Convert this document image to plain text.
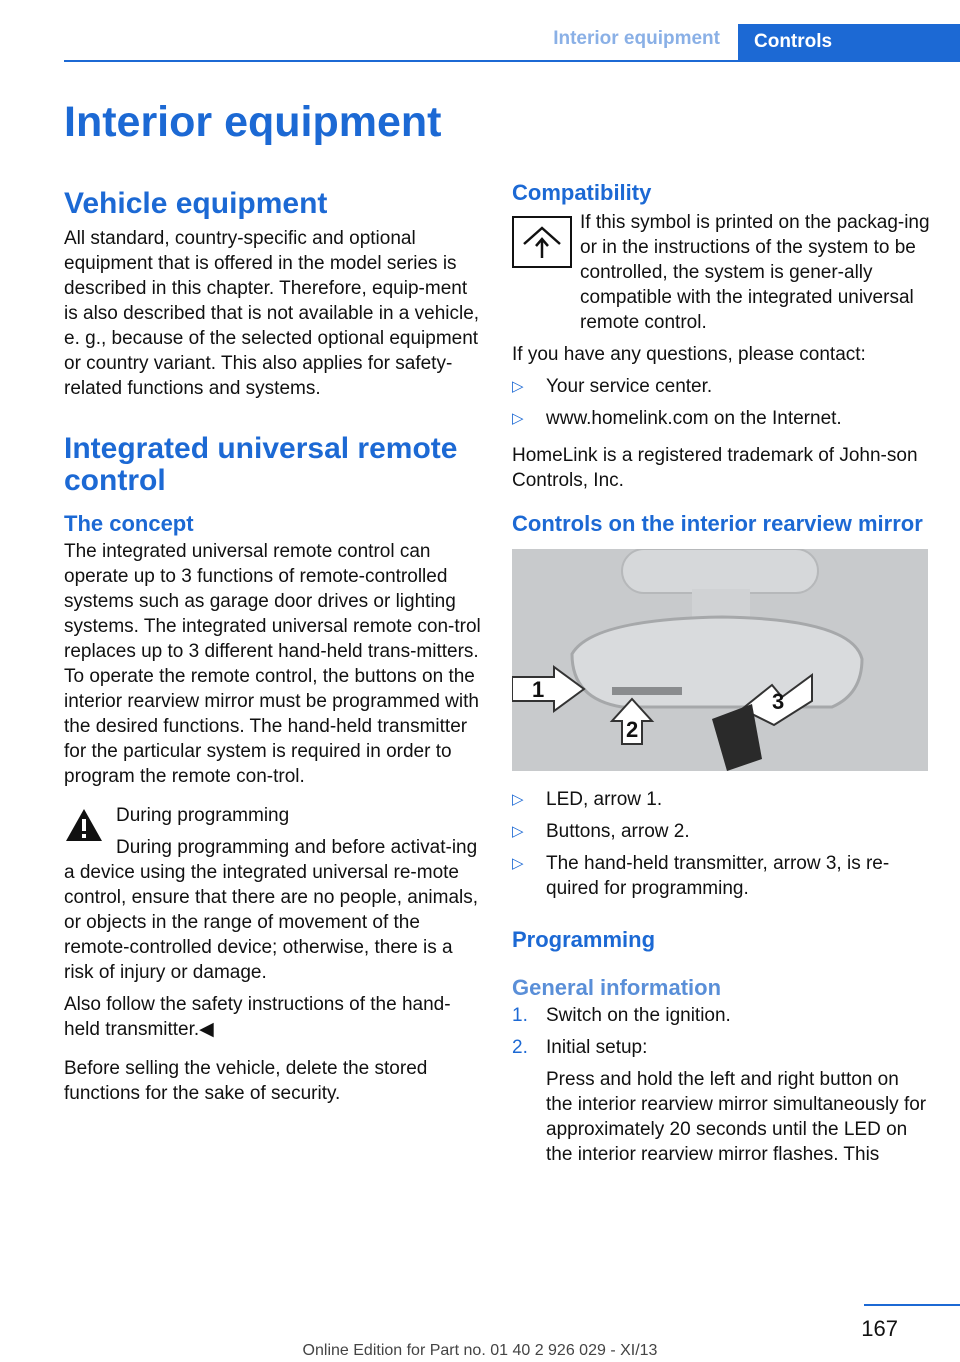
Interior equipment	Controls
Interior equipment
Vehicle equipment

All standard, country-specific and optional equipment that is offered in the model series is described in this chapter. Therefore, equip-ment is also described that is not available in a vehicle, e. g., because of the selected optional equipment or country variant. This also applies for safety-related functions and systems.

Integrated universal remote control
The concept

The integrated universal remote control can operate up to 3 functions of remote-controlled systems such as garage door drives or lighting systems. The integrated universal remote con-trol replaces up to 3 different hand-held trans-mitters. To operate the remote control, the buttons on the interior rearview mirror must be programmed with the desired functions. The hand-held transmitter for the particular system is required in order to program the remote con-trol.

During programming

During programming and before activat-ing a device using the integrated universal re-mote control, ensure that there are no people, animals, or objects in the range of movement of the remote-controlled device; otherwise, there is a risk of injury or damage.

Also follow the safety instructions of the hand-held transmitter.◀

Before selling the vehicle, delete the stored functions for the sake of security.

Compatibility

If this symbol is printed on the packag-ing or in the instructions of the system to be controlled, the system is gener-ally compatible with the integrated universal remote control.

If you have any questions, please contact:

▷ Your service center.
▷ www.homelink.com on the Internet.

HomeLink is a registered trademark of John-son Controls, Inc.

Controls on the interior rearview mirror
1
2
3
▷ LED, arrow 1.
▷ Buttons, arrow 2.
▷ The hand-held transmitter, arrow 3, is re-quired for programming.
Programming
General information
1. Switch on the ignition.
2. Initial setup:
Press and hold the left and right button on the interior rearview mirror simultaneously for approximately 20 seconds until the LED on the interior rearview mirror flashes. This
167
Online Edition for Part no. 01 40 2 926 029 - XI/13
